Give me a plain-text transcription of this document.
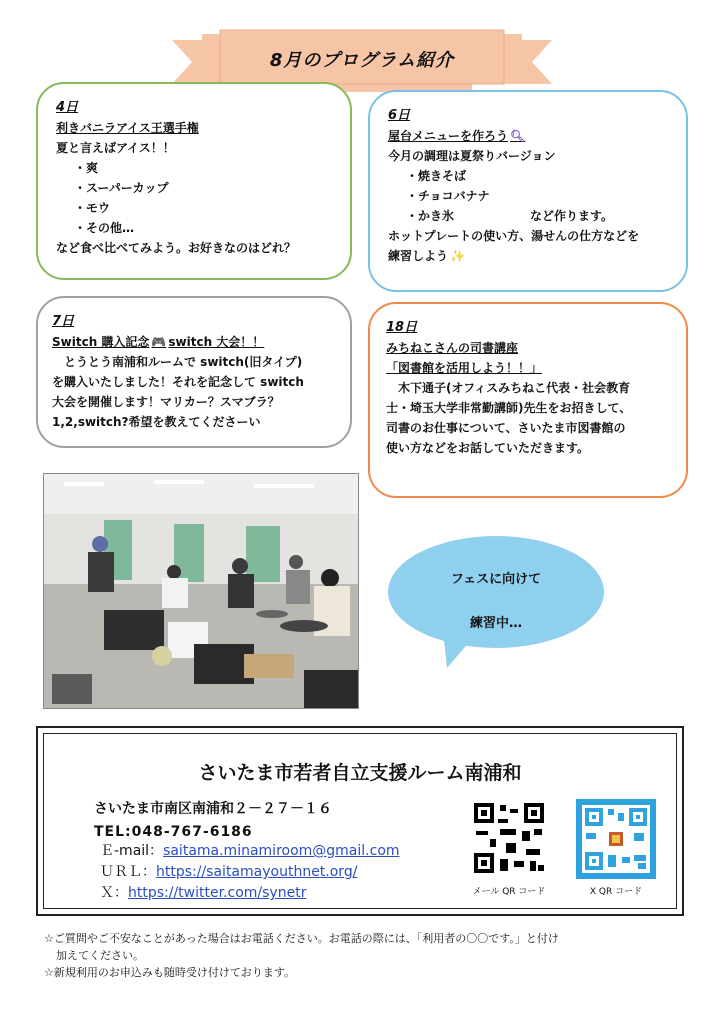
8月のプログラム紹介
4日
利きバニラアイス王選手権
夏と言えばアイス！！
・爽
・スーパーカップ
・モウ
・その他…
など食べ比べてみよう。お好きなのはどれ？
6日
屋台メニューを作ろう 🔍︎
今月の調理は夏祭りバージョン
・焼きそば
・チョコバナナ
・かき氷	など作ります。
ホットプレートの使い方、湯せんの仕方などを
練習しよう ✨
7日
Switch 購入記念 🎮 switch 大会！！
とうとう南浦和ルームで switch(旧タイプ)
を購入いたしました！それを記念して switch
大会を開催します！マリカー？スマブラ？
1,2,switch?希望を教えてくださーい
18日
みちねこさんの司書講座
「図書館を活用しよう！！」
木下通子(オフィスみちねこ代表・社会教育
士・埼玉大学非常勤講師)先生をお招きして、
司書のお仕事について、さいたま市図書館の
使い方などをお話していただきます。
フェスに向けて
練習中…
さいたま市若者自立支援ルーム南浦和
さいたま市南区南浦和２－２７－１６
TEL:048-767-6186
Ｅ-mail：saitama.minamiroom@gmail.com
ＵＲＬ：https://saitamayouthnet.org/
Ｘ：https://twitter.com/synetr	メール QR コード	X QR コード
☆ご質問やご不安なことがあった場合はお電話ください。お電話の際には、「利用者の〇〇です。」と付け
加えてください。
☆新規利用のお申込みも随時受け付けております。
